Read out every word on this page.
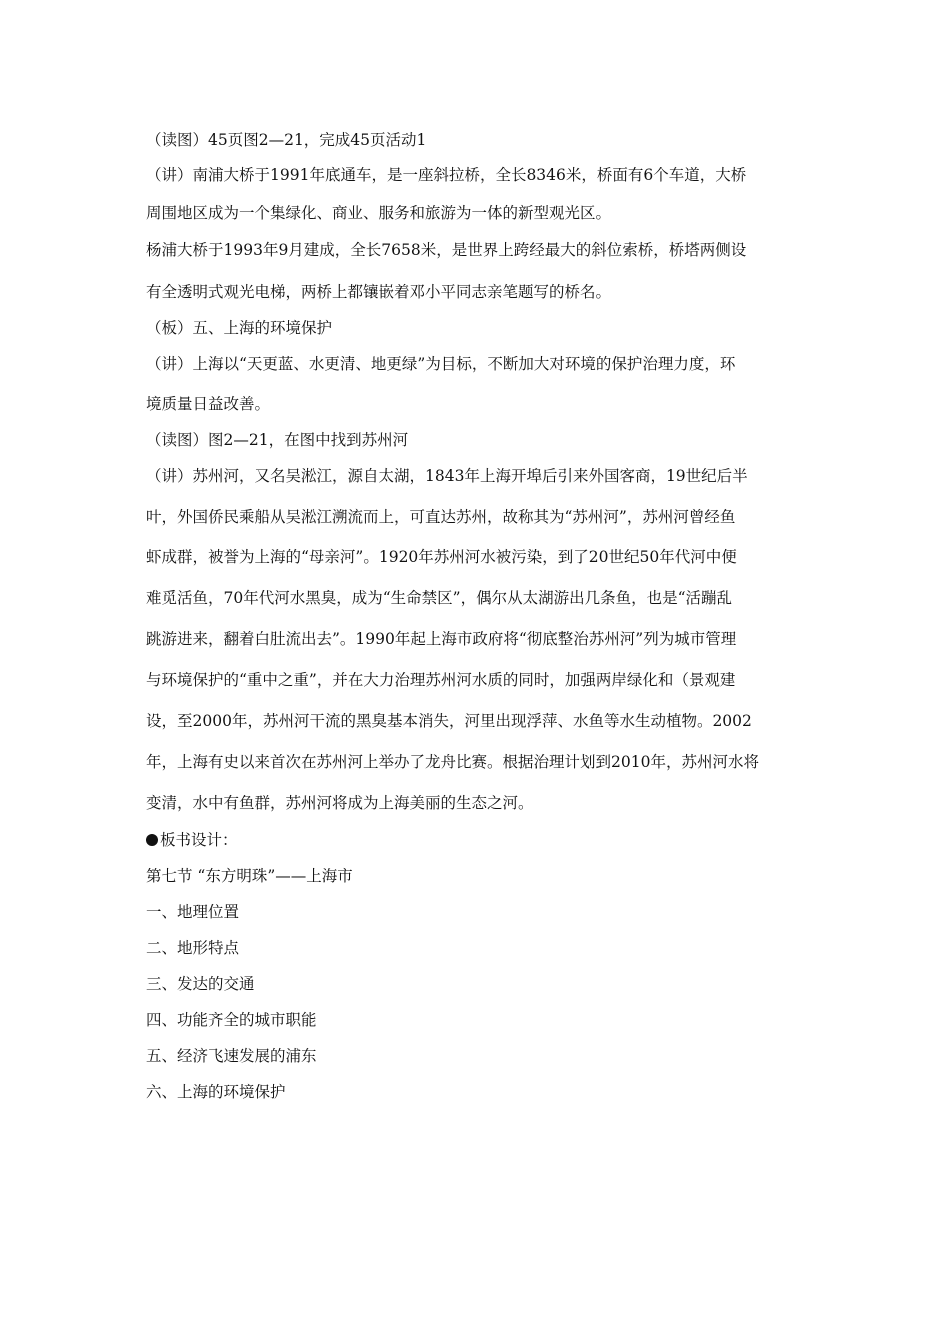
（读图）45页图2—21，完成45页活动1
（讲）南浦大桥于1991年底通车，是一座斜拉桥，全长8346米，桥面有6个车道，大桥
周围地区成为一个集绿化、商业、服务和旅游为一体的新型观光区。
杨浦大桥于1993年9月建成，全长7658米，是世界上跨经最大的斜位索桥，桥塔两侧设
有全透明式观光电梯，两桥上都镶嵌着邓小平同志亲笔题写的桥名。
（板）五、上海的环境保护
（讲）上海以“天更蓝、水更清、地更绿”为目标，不断加大对环境的保护治理力度，环
境质量日益改善。
（读图）图2—21，在图中找到苏州河
（讲）苏州河，又名吴淞江，源自太湖，1843年上海开埠后引来外国客商，19世纪后半
叶，外国侨民乘船从吴淞江溯流而上，可直达苏州，故称其为“苏州河”，苏州河曾经鱼
虾成群，被誉为上海的“母亲河”。1920年苏州河水被污染，到了20世纪50年代河中便
难觅活鱼，70年代河水黑臭，成为“生命禁区”，偶尔从太湖游出几条鱼，也是“活蹦乱
跳游进来，翻着白肚流出去”。1990年起上海市政府将“彻底整治苏州河”列为城市管理
与环境保护的“重中之重”，并在大力治理苏州河水质的同时，加强两岸绿化和（景观建
设，至2000年，苏州河干流的黑臭基本消失，河里出现浮萍、水鱼等水生动植物。2002
年，上海有史以来首次在苏州河上举办了龙舟比赛。根据治理计划到2010年，苏州河水将
变清，水中有鱼群，苏州河将成为上海美丽的生态之河。
板书设计：
第七节 “东方明珠”——上海市
一、地理位置
二、地形特点
三、发达的交通
四、功能齐全的城市职能
五、经济飞速发展的浦东
六、上海的环境保护
